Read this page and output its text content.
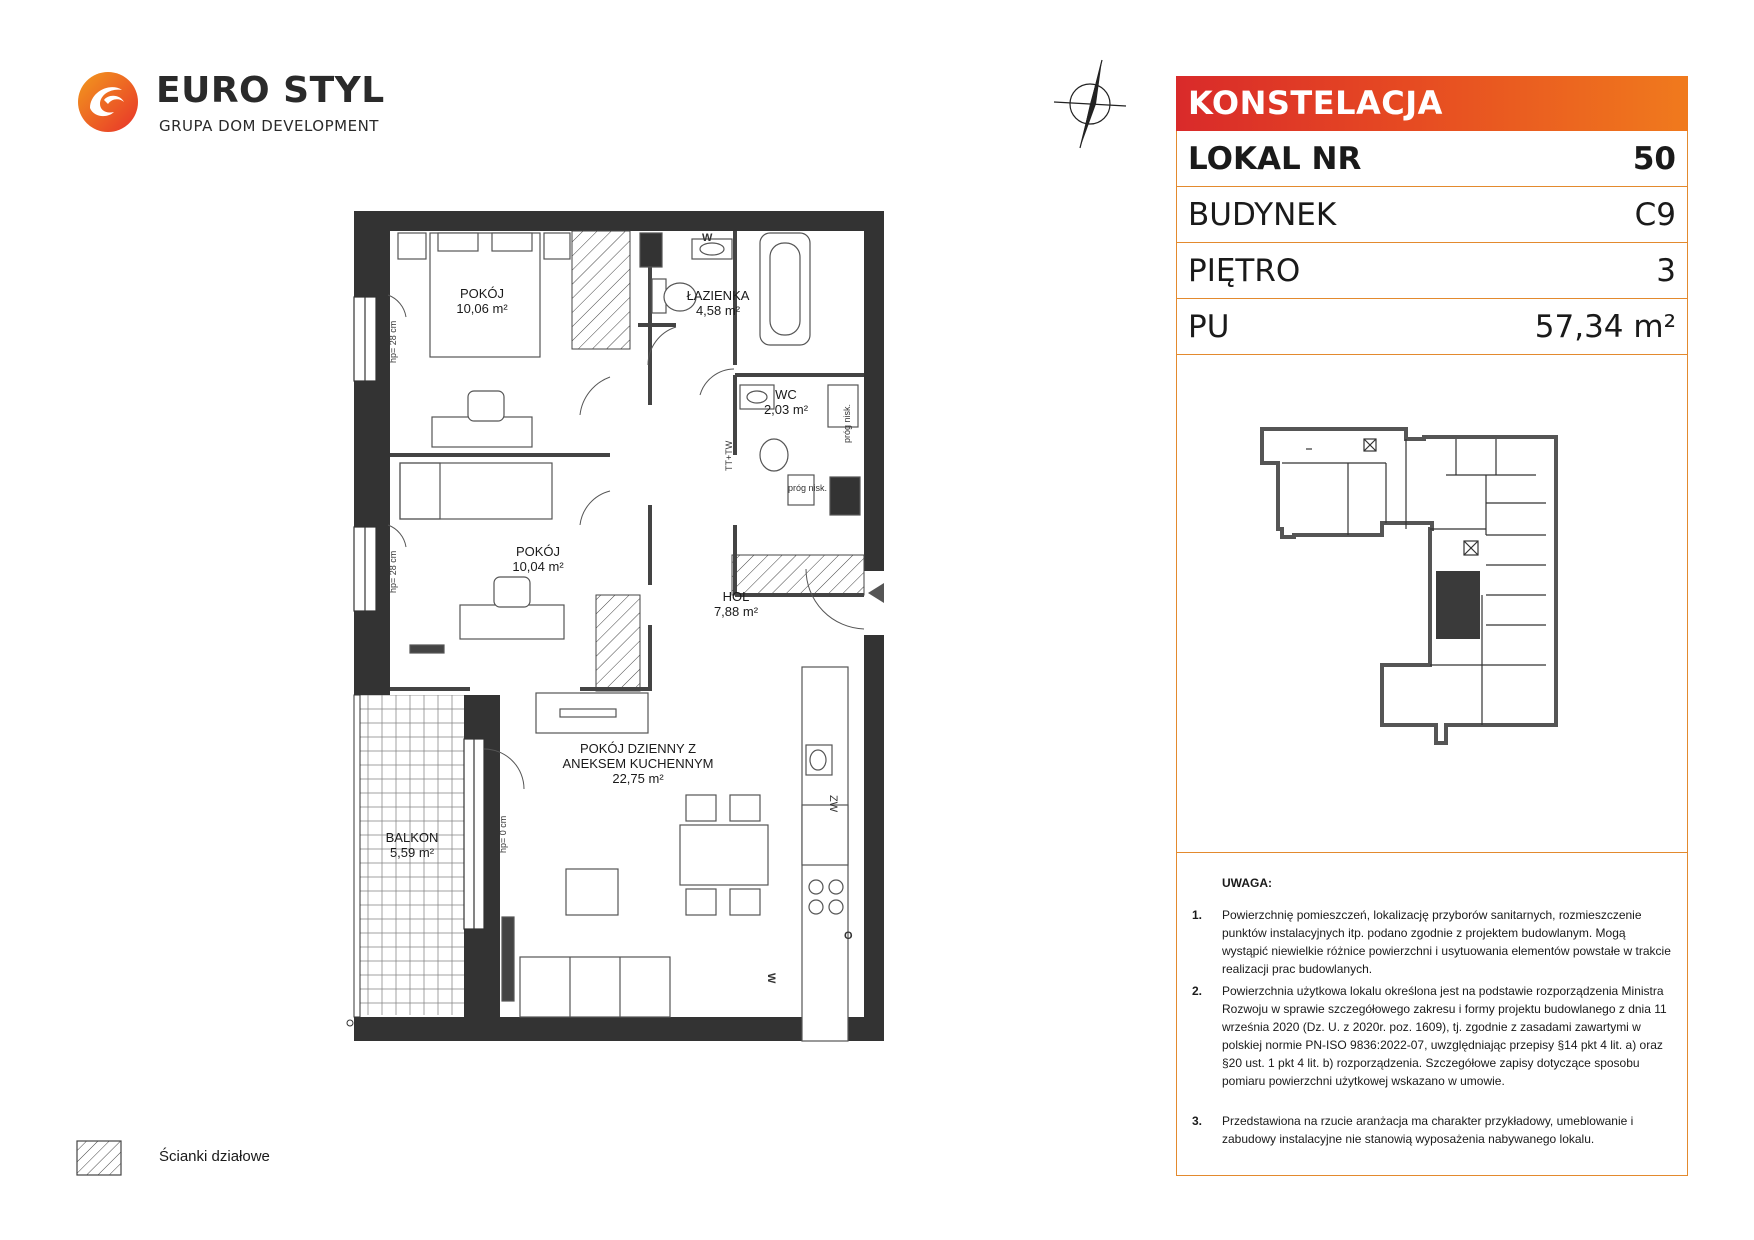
EURO STYL
GRUPA DOM DEVELOPMENT
KONSTELACJA
LOKAL NR	50
BUDYNEK	C9
PIĘTRO	3
PU	57,34 m²
UWAGA:
1. Powierzchnię pomieszczeń, lokalizację przyborów sanitarnych, rozmieszczenie punktów instalacyjnych itp. podano zgodnie z projektem budowlanym. Mogą wystąpić niewielkie różnice powierzchni i usytuowania elementów powstałe w trakcie realizacji prac budowlanych.
2. Powierzchnia użytkowa lokalu określona jest na podstawie rozporządzenia Ministra Rozwoju w sprawie szczegółowego zakresu i formy projektu budowlanego z dnia 11 września 2020 (Dz. U. z 2020r. poz. 1609), tj. zgodnie z zasadami zawartymi w polskiej normie PN-ISO 9836:2022-07, uwzględniając przepisy §14 pkt 4 lit. a) oraz §20 ust. 1 pkt 4 lit. b) rozporządzenia. Szczegółowe zapisy dotyczące sposobu pomiaru powierzchni użytkowej wskazano w umowie.
3. Przedstawiona na rzucie aranżacja ma charakter przykładowy, umeblowanie i zabudowy instalacyjne nie stanowią wyposażenia nabywanego lokalu.
POKÓJ
10,06 m²
ŁAZIENKA
4,58 m²
WC
2,03 m²
POKÓJ
10,04 m²
HOL
7,88 m²
POKÓJ DZIENNY Z
ANEKSEM KUCHENNYM
22,75 m²
BALKON
5,59 m²
hp= 28 cm
hp= 28 cm
hp= 0 cm
próg nisk.
próg nisk.
TT+TW
ZW
W
W
O
Ścianki działowe
